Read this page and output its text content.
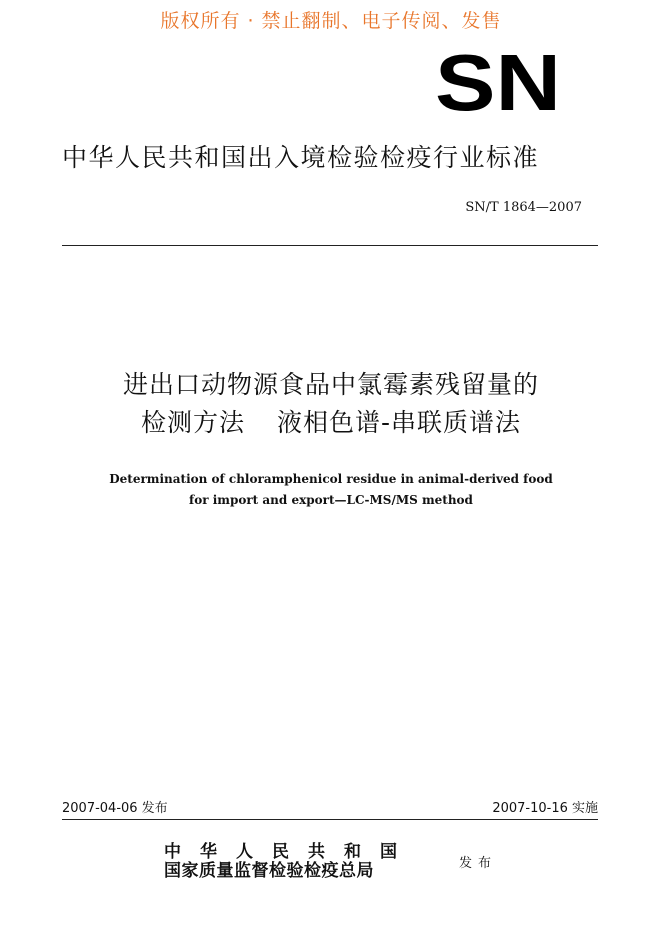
版权所有 · 禁止翻制、电子传阅、发售
SN
中华人民共和国出入境检验检疫行业标准
SN/T 1864—2007
进出口动物源食品中氯霉素残留量的
检测方法 液相色谱-串联质谱法
Determination of chloramphenicol residue in animal-derived food
for import and export—LC-MS/MS method
2007-04-06 发布	2007-10-16 实施
中华人民共和国
国家质量监督检验检疫总局	发布
